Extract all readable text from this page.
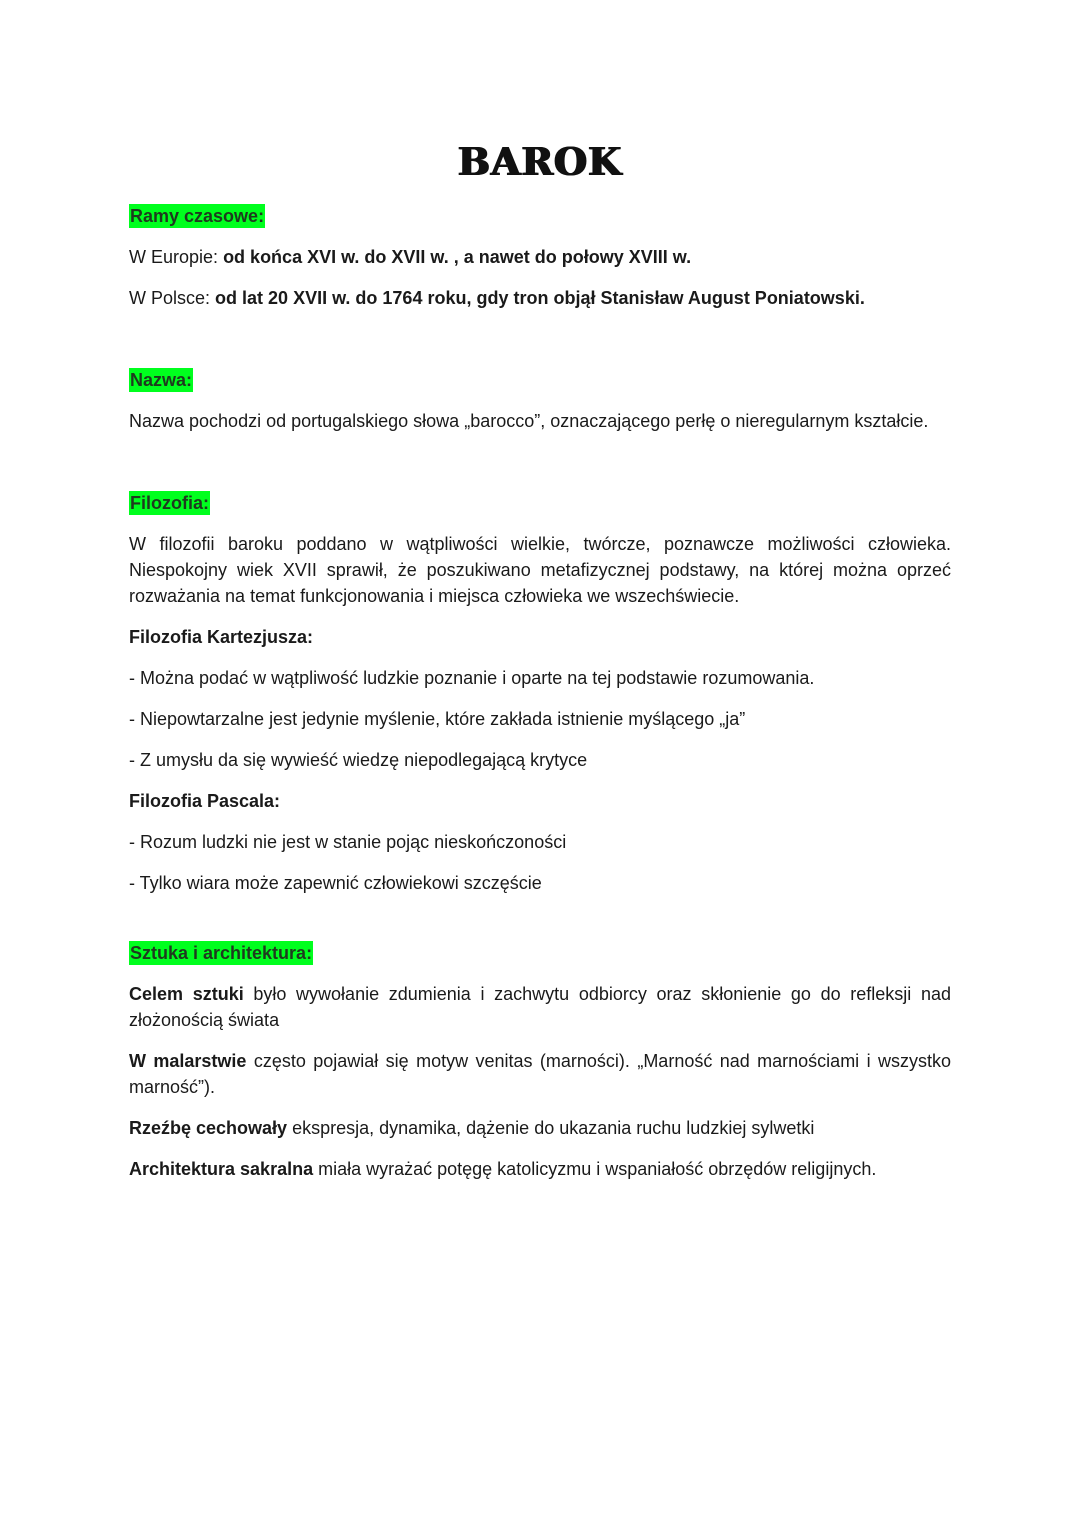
BAROK
Ramy czasowe:
W Europie: od końca XVI w. do XVII w. , a nawet do połowy XVIII w.
W Polsce: od lat 20 XVII w. do 1764 roku, gdy tron objął Stanisław August Poniatowski.
Nazwa:
Nazwa pochodzi od portugalskiego słowa „barocco”, oznaczającego perłę o nieregularnym kształcie.
Filozofia:
W filozofii baroku poddano w wątpliwości wielkie, twórcze, poznawcze możliwości człowieka. Niespokojny wiek XVII sprawił, że poszukiwano metafizycznej podstawy, na której można oprzeć rozważania na temat funkcjonowania i miejsca człowieka we wszechświecie.
Filozofia Kartezjusza:
- Można podać w wątpliwość ludzkie poznanie i oparte na tej podstawie rozumowania.
- Niepowtarzalne jest jedynie myślenie, które zakłada istnienie myślącego „ja”
- Z umysłu da się wywieść wiedzę niepodlegającą krytyce
Filozofia Pascala:
- Rozum ludzki nie jest w stanie pojąc nieskończoności
- Tylko wiara może zapewnić człowiekowi szczęście
Sztuka i architektura:
Celem sztuki było wywołanie zdumienia i zachwytu odbiorcy oraz skłonienie go do refleksji nad złożonością świata
W malarstwie często pojawiał się motyw venitas (marności). „Marność nad marnościami i wszystko marność”).
Rzeźbę cechowały ekspresja, dynamika, dążenie do ukazania ruchu ludzkiej sylwetki
Architektura sakralna miała wyrażać potęgę katolicyzmu i wspaniałość obrzędów religijnych.
